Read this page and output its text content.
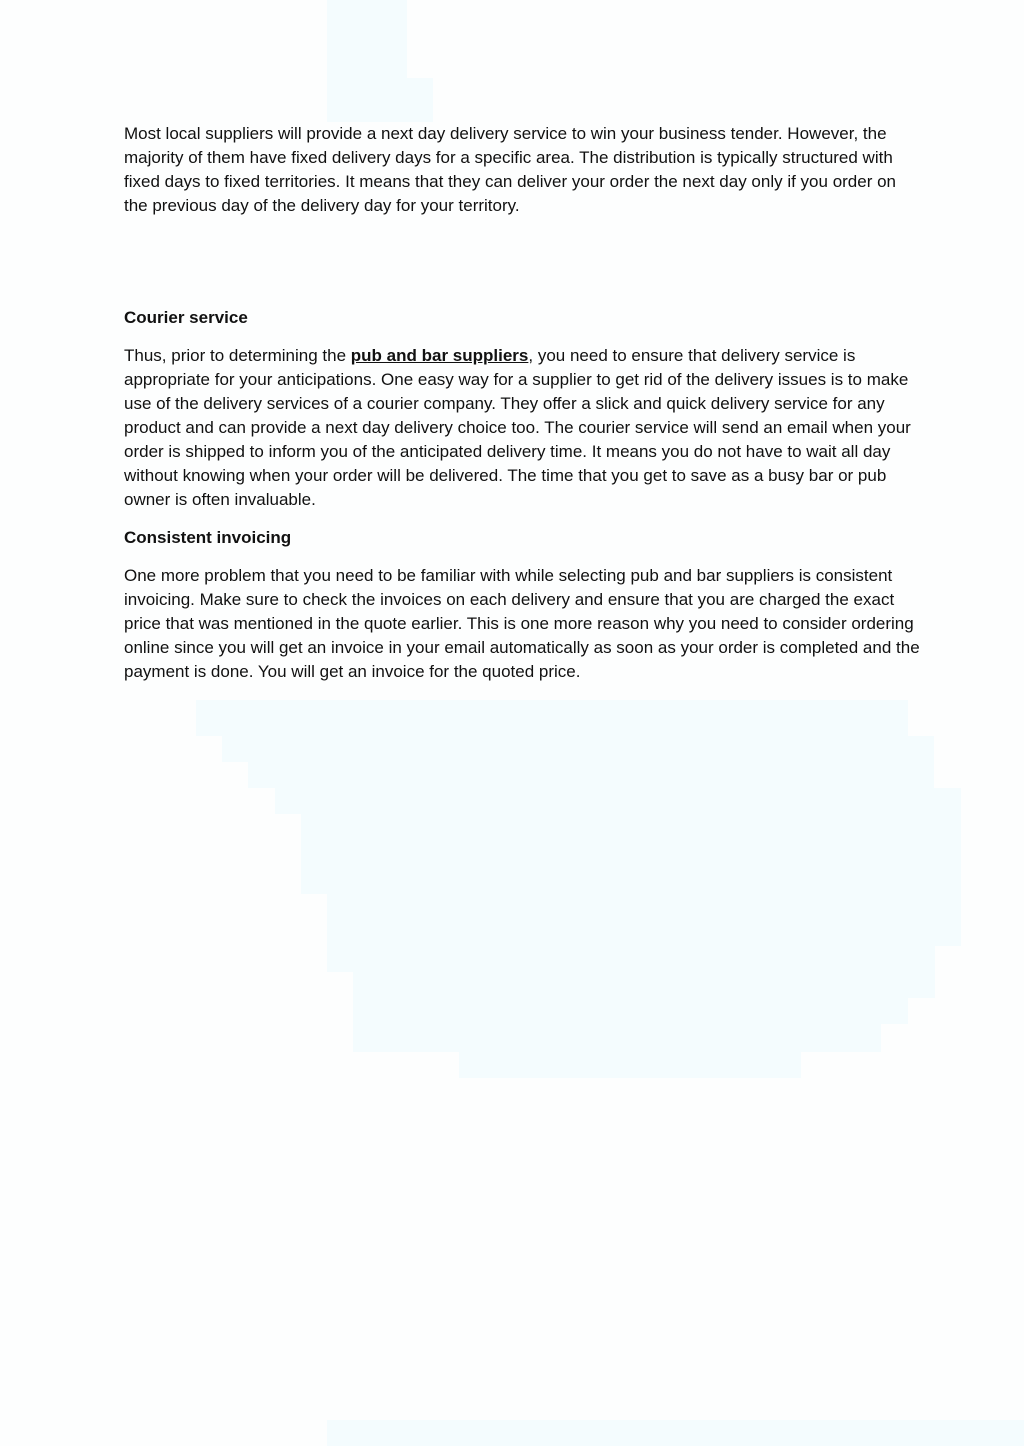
Most local suppliers will provide a next day delivery service to win your business tender. However, the majority of them have fixed delivery days for a specific area. The distribution is typically structured with fixed days to fixed territories. It means that they can deliver your order the next day only if you order on the previous day of the delivery day for your territory.

Courier service

Thus, prior to determining the pub and bar suppliers, you need to ensure that delivery service is appropriate for your anticipations. One easy way for a supplier to get rid of the delivery issues is to make use of the delivery services of a courier company. They offer a slick and quick delivery service for any product and can provide a next day delivery choice too. The courier service will send an email when your order is shipped to inform you of the anticipated delivery time. It means you do not have to wait all day without knowing when your order will be delivered. The time that you get to save as a busy bar or pub owner is often invaluable.

Consistent invoicing

One more problem that you need to be familiar with while selecting pub and bar suppliers is consistent invoicing. Make sure to check the invoices on each delivery and ensure that you are charged the exact price that was mentioned in the quote earlier. This is one more reason why you need to consider ordering online since you will get an invoice in your email automatically as soon as your order is completed and the payment is done. You will get an invoice for the quoted price.
